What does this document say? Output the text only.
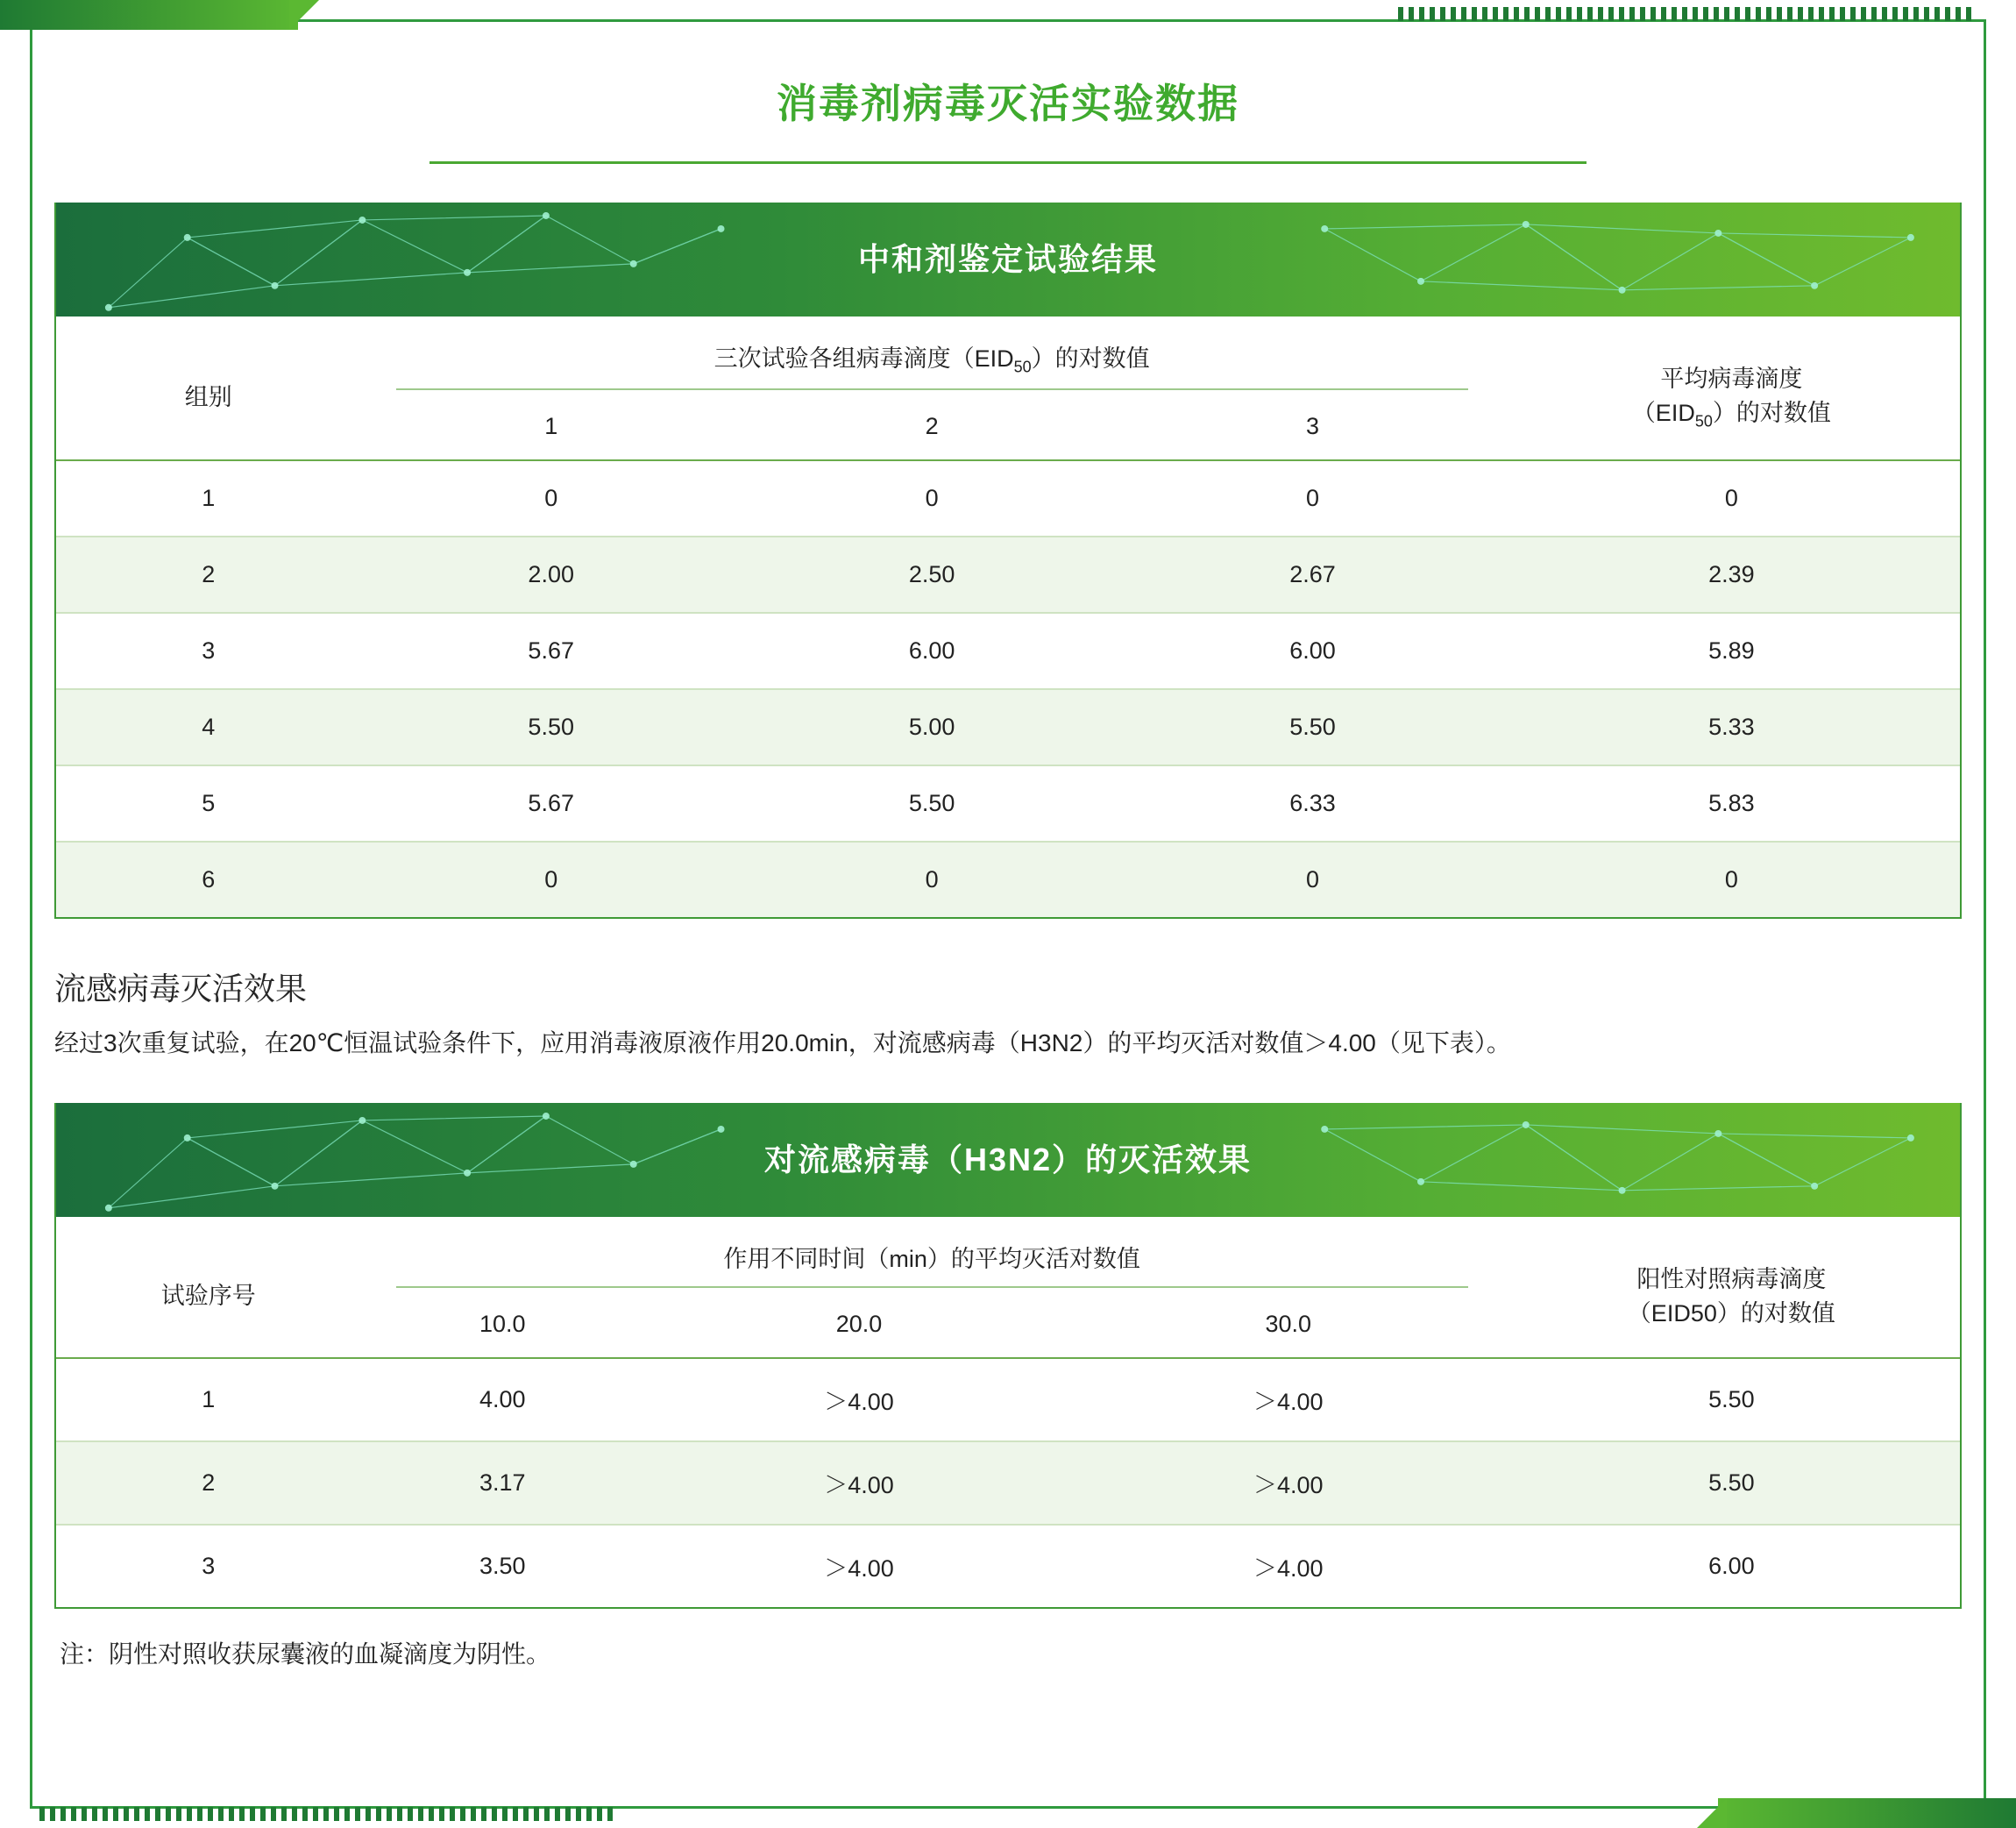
消毒剂病毒灭活实验数据
中和剂鉴定试验结果
组别	三次试验各组病毒滴度$(EID_{50})$的对数值			平均病毒滴度
$(EID_{50})$的对数值

	1	2	3	
1	0	0	0	0
2	2.00	2.50	2.67	2.39
3	5.67	6.00	6.00	5.89
4	5.50	5.00	5.50	5.33
5	5.67	5.50	6.33	5.83
6	0	0	0	0
流感病毒灭活效果
经过3次重复试验，在20℃恒温试验条件下，应用消毒液原液作用20.0min，对流感病毒（H3N2）的平均灭活对数值＞4.00（见下表）。
对流感病毒（H3N2）的灭活效果
试验序号	作用不同时间（min）的平均灭活对数值			阳性对照病毒滴度
（EID50）的对数值

	10.0	20.0	30.0	
1	4.00	＞4.00	＞4.00	5.50
2	3.17	＞4.00	＞4.00	5.50
3	3.50	＞4.00	＞4.00	6.00
注：阴性对照收获尿囊液的血凝滴度为阴性。
